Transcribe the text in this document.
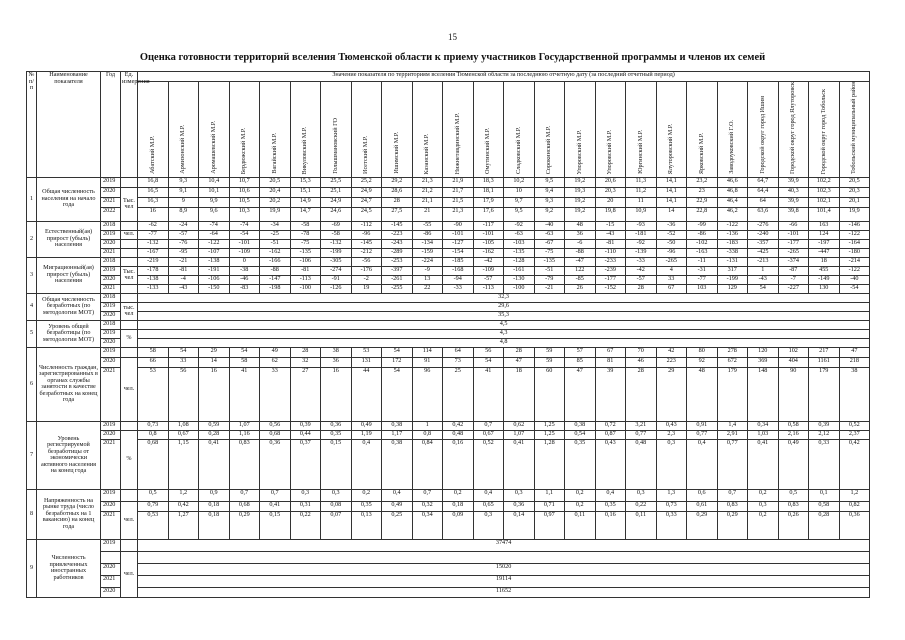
15
Оценка готовности территорий вселения Тюменской области к приему участников Государственной программы и членов их семей
№ п/п	Наименование показателя	Год	Ед. измерения	Значение показателя по территориям вселения Тюменской области за последнюю отчетную дату (за последний отчетный период)																							
				Абатский М.Р.	Армизонский М.Р.	Аромашевский М.Р.	Бердюжский М.Р.	Вагайский М.Р.	Викуловский М.Р.	Голышмановский ГО	Исетский М.Р.	Ишимский М.Р.	Казанский М.Р.	Нижнетавдинский М.Р.	Омутинский М.Р.	Сладковский М.Р.	Сорокинский М.Р.	Упоровский М.Р.	Упоровский М.Р.	Юргинский М.Р.	Ялуторовский М.Р.	Ярковский М.Р.	Заводоуковский Г.О.	Городской округ город Ишим	Городской округ город Ялуторовск	Городской округ город Тобольск	Тобольский муниципальный район
1	Общая численность населения на начало года	2019		16,8	9,3	10,4	10,7	20,5	15,3	25,5	25,2	29,2	21,3	21,9	18,3	10,2	9,5	19,2	20,6	11,3	14,1	23,2	46,6	64,7	39,9	102,2	20,5
		2020	Тыс. чел	16,5	9,1	10,1	10,6	20,4	15,1	25,1	24,9	28,6	21,2	21,7	18,1	10	9,4	19,3	20,3	11,2	14,1	23	46,8	64,4	40,3	102,3	20,3
		2021		16,3	9	9,9	10,5	20,2	14,9	24,9	24,7	28	21,1	21,5	17,9	9,7	9,3	19,2	20	11	14,1	22,9	46,4	64	39,9	102,1	20,1
		2022		16	8,9	9,6	10,3	19,9	14,7	24,6	24,5	27,5	21	21,3	17,6	9,5	9,2	19,2	19,8	10,9	14	22,8	46,2	63,6	39,8	101,4	19,9
2	Естественный(ая) прирост (убыль) населения	2018		-62	-24	-74	-74	-34	-58	-69	-112	-145	-55	-90	-117	-92	-40	48	-15	-93	-36	-99	-122	-276	-66	163	-146
		2019	чел.	-77	-57	-64	-54	-25	-78	-58	-96	-223	-86	-101	-101	-63	-63	36	-43	-181	-52	-86	-136	-240	-101	124	-122
		2020		-132	-76	-122	-101	-51	-75	-132	-145	-243	-134	-127	-105	-103	-67	-6	-81	-92	-50	-102	-183	-357	-177	-197	-164
		2021		-167	-95	-107	-109	-162	-135	-199	-212	-289	-159	-154	-162	-135	-75	-88	-110	-139	-96	-163	-338	-425	-265	-447	-180
3	Миграционный(ая) прирост (убыль) населения	2018		-219	-21	-138	0	-166	-106	-305	-56	-253	-224	-185	-42	-128	-135	-47	-233	-33	-265	-11	-131	-213	-374	18	-214
		2019	Тыс. чел	-178	-81	-191	-38	-88	-81	-274	-176	-397	-9	-168	-109	-161	-51	122	-239	-42	4	-31	317	1	-87	455	-122
		2020		-138	-4	-106	-46	-147	-113	-91	-2	-261	13	-94	-57	-130	-79	-85	-177	-57	33	-77	-199	-43	-7	-149	-40
		2021		-133	-43	-150	-83	-198	-100	-126	19	-255	22	-33	-113	-100	-21	26	-152	28	67	103	129	54	-227	130	-54
4	Общая численность безработных (по методологии МОТ)	2018		32,3																							
		2019	тыс. чел	29,6																							
		2020		35,3																							
5	Уровень общей безработицы (по методологии МОТ)	2018		4,5																							
		2019	%	4,3																							
		2020		4,8																							
6	Численность граждан, зарегистрированных в органах службы занятости в качестве безработных на конец года	2019		58	54	29	54	49	28	38	53	54	114	64	56	28	59	57	67	70	42	80	278	120	102	217	47
		2020	чел.	66	33	14	58	62	32	36	131	172	91	73	54	47	59	85	81	46	223	92	672	369	404	1161	218
		2021		53	56	16	41	33	27	16	44	54	96	25	41	18	60	47	39	28	29	48	179	148	90	179	38
7	Уровень регистрируемой безработицы от экономически активного населения на конец года	2019		0,73	1,08	0,59	1,07	0,56	0,39	0,36	0,49	0,38	1	0,42	0,7	0,62	1,25	0,38	0,72	3,21	0,43	0,91	1,4	0,34	0,58	0,39	0,52
		2020	%	0,8	0,67	0,28	1,16	0,68	0,44	0,35	1,19	1,17	0,8	0,48	0,67	1,07	1,25	0,54	0,87	0,77	2,3	0,77	2,91	1,03	2,16	2,12	2,37
		2021		0,68	1,15	0,41	0,83	0,36	0,37	0,15	0,4	0,38	0,84	0,16	0,52	0,41	1,28	0,35	0,43	0,48	0,3	0,4	0,77	0,41	0,49	0,33	0,42
8	Напряженность на рынке труда (число безработных на 1 вакансию) на конец года	2019		0,5	1,2	0,9	0,7	0,7	0,3	0,3	0,2	0,4	0,7	0,2	0,4	0,3	1,1	0,2	0,4	0,3	1,3	0,6	0,7	0,2	0,5	0,1	1,2
		2020	чел.	0,79	0,42	0,18	0,68	0,41	0,31	0,08	0,35	0,49	0,32	0,18	0,65	0,36	0,71	0,2	0,35	0,22	0,73	0,61	0,83	0,3	0,83	0,58	0,82
		2021		0,53	1,27	0,18	0,29	0,15	0,22	0,07	0,13	0,25	0,34	0,09	0,3	0,14	0,97	0,11	0,16	0,11	0,33	0,29	0,29	0,2	0,26	0,28	0,36
9	Численность привлеченных иностранных работников	2019		37474																							
			чел.																								
		2020		15020																							
		2021		19114																							
		2020		11652																							
